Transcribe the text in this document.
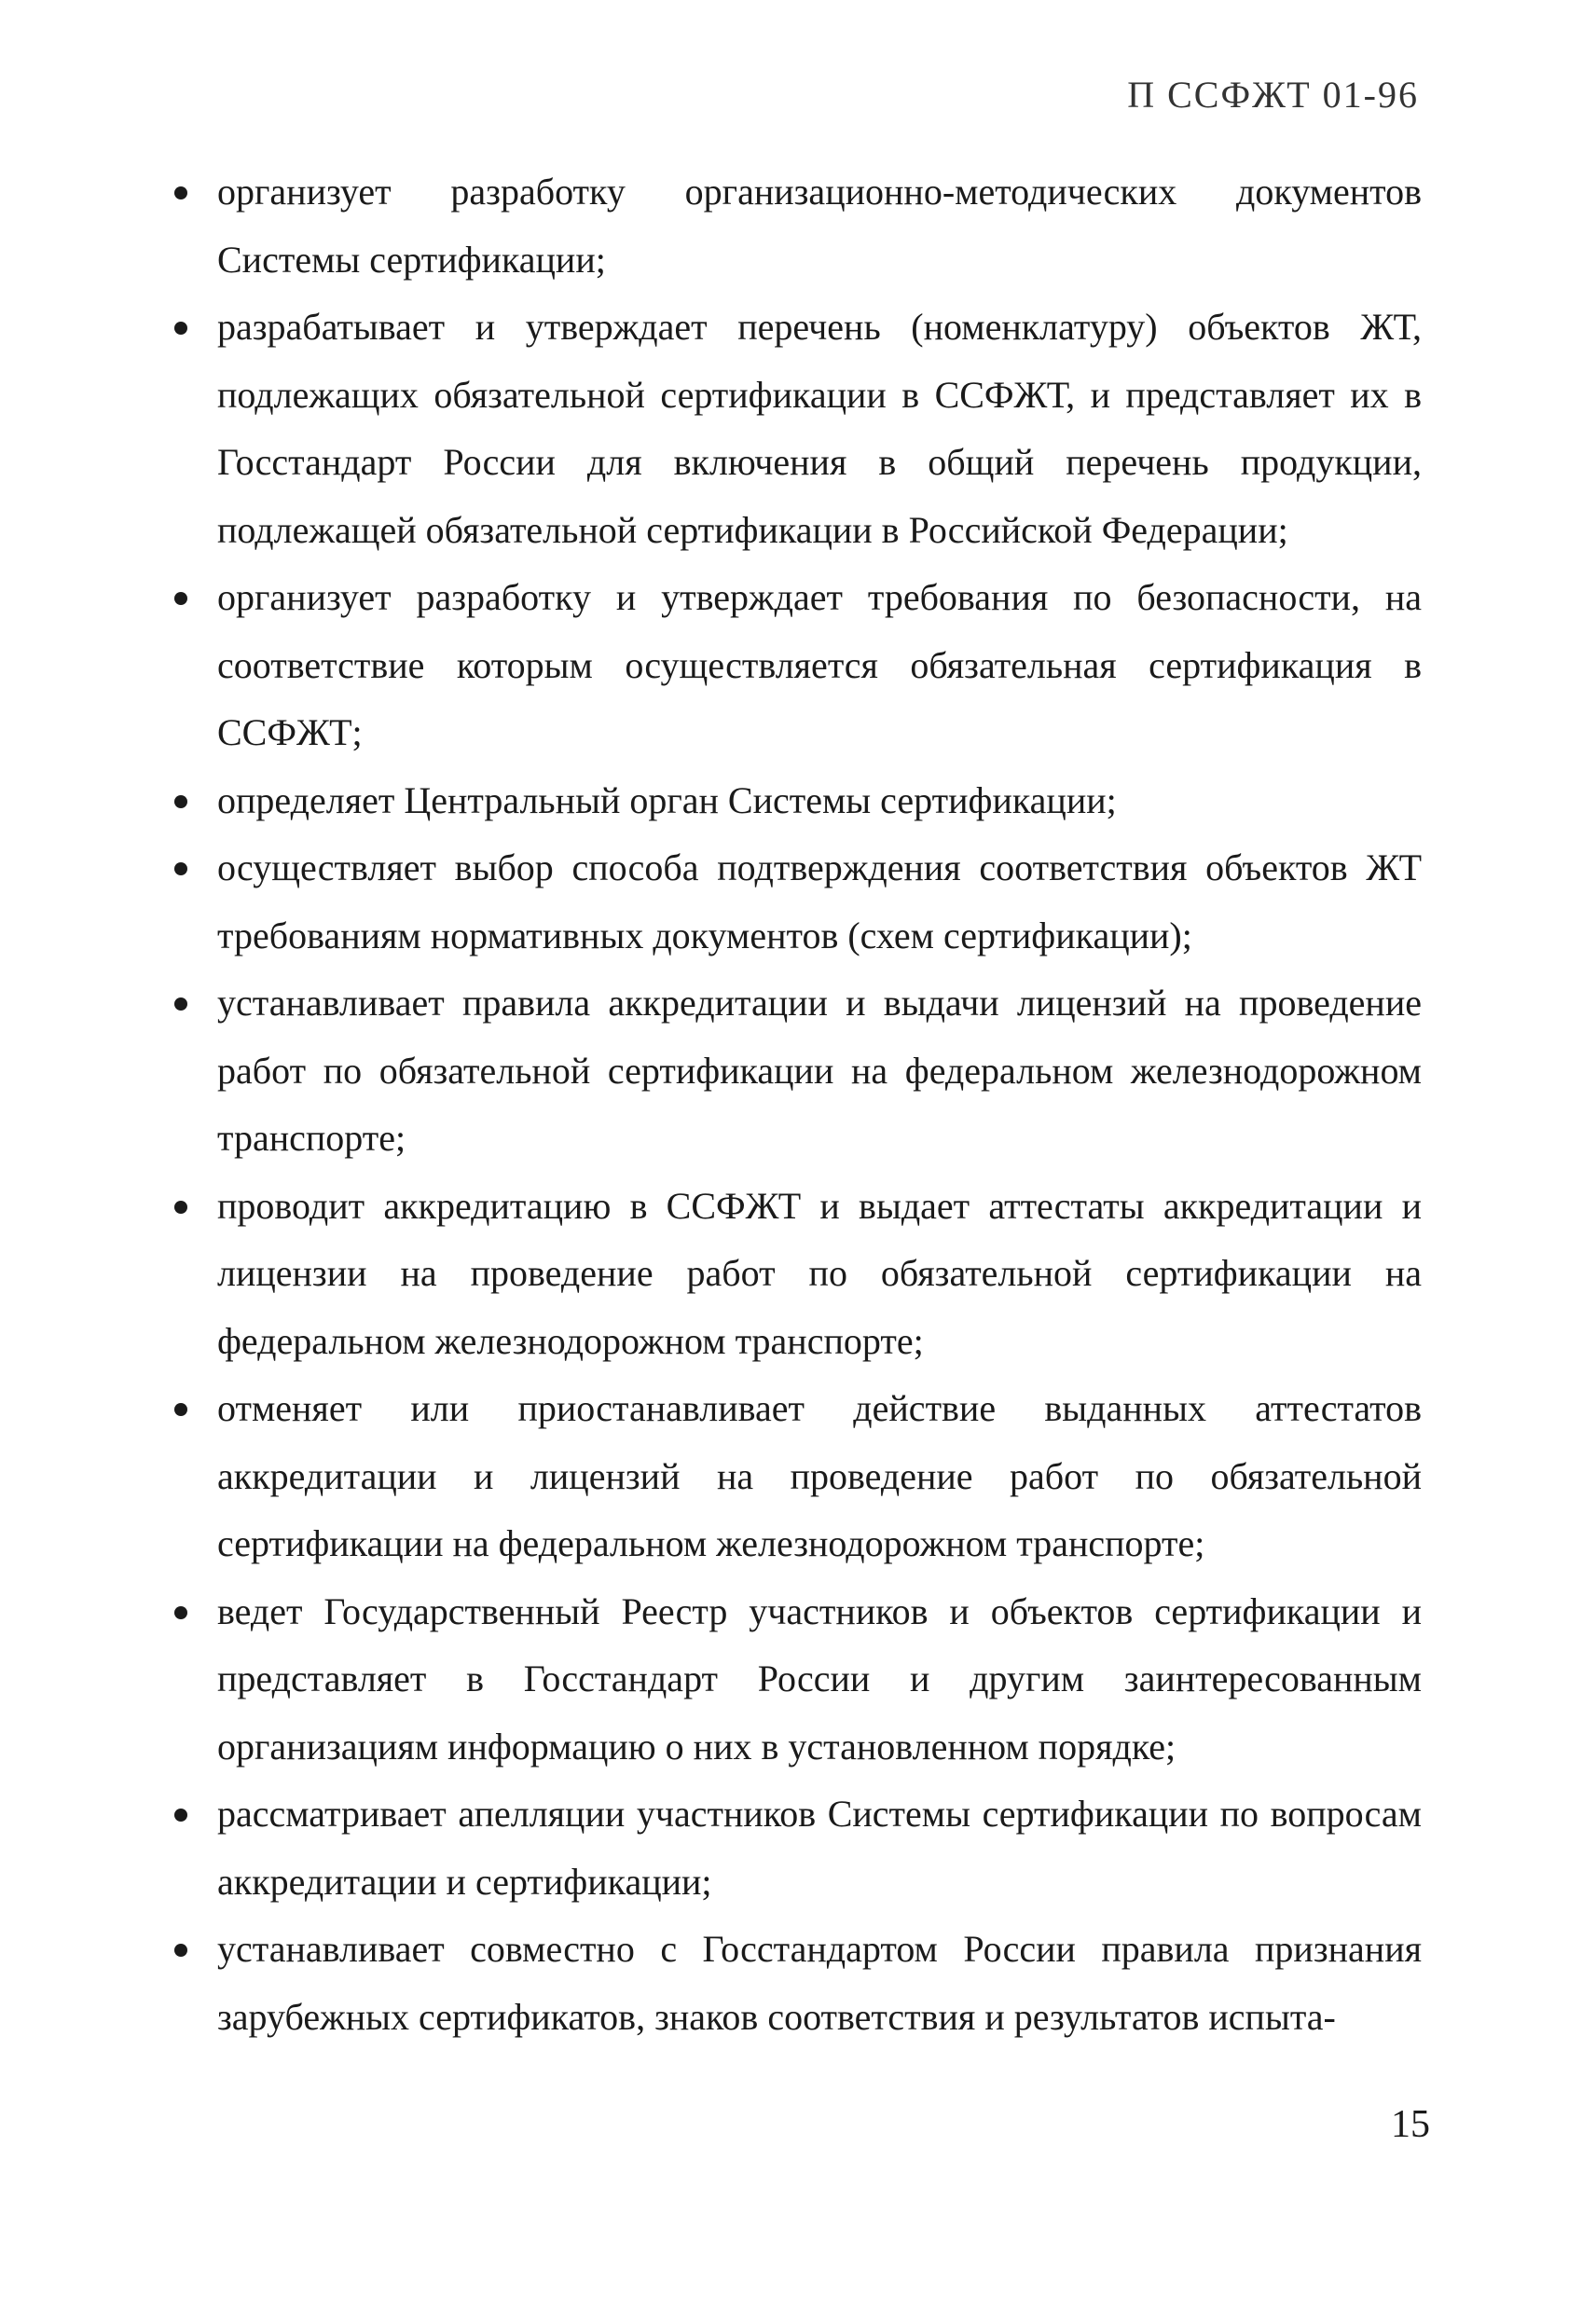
П ССФЖТ 01-96
организует разработку организационно-методических документов Системы сертификации;
разрабатывает и утверждает перечень (номенклатуру) объектов ЖТ, подлежащих обязательной сертификации в ССФЖТ, и представляет их в Госстандарт России для включения в общий перечень продукции, подлежащей обязательной сертификации в Российской Федерации;
организует разработку и утверждает требования по безопасности, на соответствие которым осуществляется обязательная сертификация в ССФЖТ;
определяет Центральный орган Системы сертификации;
осуществляет выбор способа подтверждения соответствия объектов ЖТ требованиям нормативных документов (схем сертификации);
устанавливает правила аккредитации и выдачи лицензий на проведение работ по обязательной сертификации на федеральном железнодорожном транспорте;
проводит аккредитацию в ССФЖТ и выдает аттестаты аккредитации и лицензии на проведение работ по обязательной сертификации на федеральном железнодорожном транспорте;
отменяет или приостанавливает действие выданных аттестатов аккредитации и лицензий на проведение работ по обязательной сертификации на федеральном железнодорожном транспорте;
ведет Государственный Реестр участников и объектов сертификации и представляет в Госстандарт России и другим заинтересованным организациям информацию о них в установленном порядке;
рассматривает апелляции участников Системы сертификации по вопросам аккредитации и сертификации;
устанавливает совместно с Госстандартом России правила признания зарубежных сертификатов, знаков соответствия и результатов испыта-
15
